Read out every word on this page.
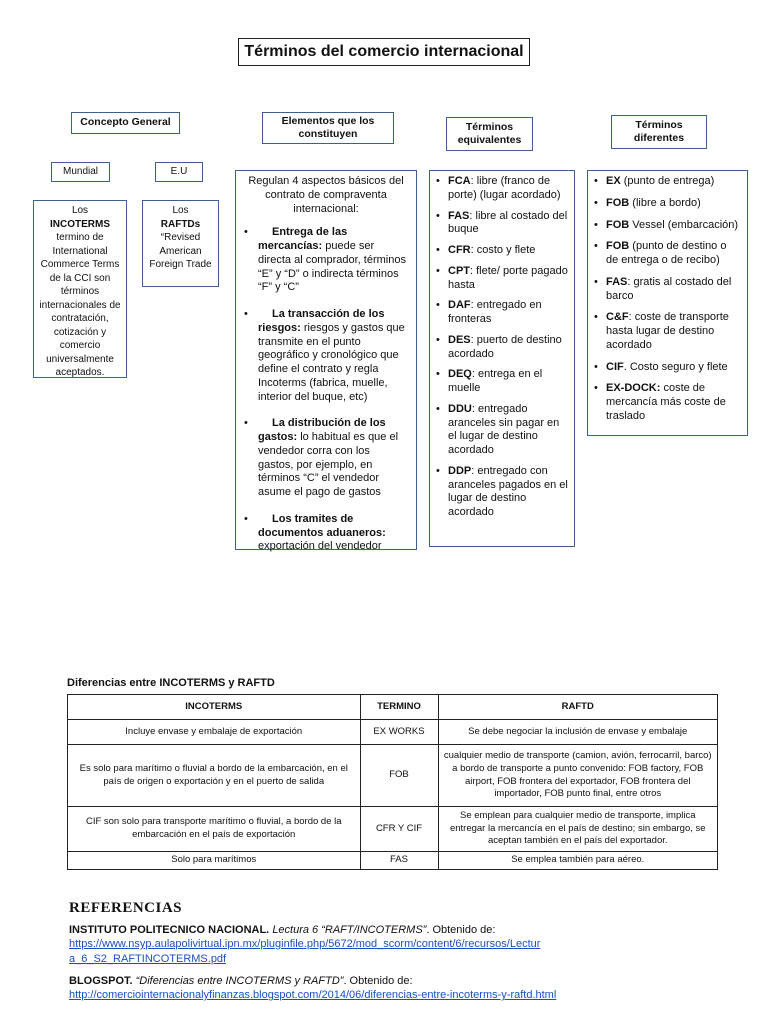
Términos del comercio internacional
Concepto General	Elementos que los constituyen
Términos equivalentes
Términos diferentes
Mundial	E.U
Los
INCOTERMS
termino de International Commerce Terms de la CCI son términos internacionales de contratación, cotización y comercio universalmente aceptados.
Los
RAFTDs
“Revised American Foreign Trade
Regulan 4 aspectos básicos del contrato de compraventa internacional:
• Entrega de las mercancías: puede ser directa al comprador, términos “E” y “D” o indirecta términos “F” y “C”
• La transacción de los riesgos: riesgos y gastos que transmite en el punto geográfico y cronológico que define el contrato y regla Incoterms (fabrica, muelle, interior del buque, etc)
• La distribución de los gastos: lo habitual es que el vendedor corra con los gastos, por ejemplo, en términos “C” el vendedor asume el pago de gastos
• Los tramites de documentos aduaneros: exportación del vendedor
• FCA: libre (franco de porte) (lugar acordado)
• FAS: libre al costado del buque
• CFR: costo y flete
• CPT: flete/ porte pagado hasta
• DAF: entregado en fronteras
• DES: puerto de destino acordado
• DEQ: entrega en el muelle
• DDU: entregado aranceles sin pagar en el lugar de destino acordado
• DDP: entregado con aranceles pagados en el lugar de destino acordado
• EX (punto de entrega)
• FOB (libre a bordo)
• FOB Vessel (embarcación)
• FOB (punto de destino o de entrega o de recibo)
• FAS: gratis al costado del barco
• C&F: coste de transporte hasta lugar de destino acordado
• CIF. Costo seguro y flete
• EX-DOCK: coste de mercancía más coste de traslado
Diferencias entre INCOTERMS y RAFTD
INCOTERMS	TERMINO	RAFTD
Incluye envase y embalaje de exportación	EX WORKS	Se debe negociar la inclusión de envase y embalaje
Es solo para marítimo o fluvial a bordo de la embarcación, en el país de origen o exportación y en el puerto de salida	FOB	cualquier medio de transporte (camion, avión, ferrocarril, barco) a bordo de transporte a punto convenido: FOB factory, FOB airport, FOB frontera del exportador, FOB frontera del importador, FOB punto final, entre otros
CIF son solo para transporte marítimo o fluvial, a bordo de la embarcación en el país de exportación	CFR Y CIF	Se emplean para cualquier medio de transporte, implica entregar la mercancía en el país de destino; sin embargo, se aceptan también en el país del exportador.
Solo para marítimos	FAS	Se emplea también para aéreo.
REFERENCIAS
INSTITUTO POLITECNICO NACIONAL. Lectura 6 “RAFT/INCOTERMS”. Obtenido de:
https://www.nsyp.aulapolivirtual.ipn.mx/pluginfile.php/5672/mod_scorm/content/6/recursos/Lectura_6_S2_RAFTINCOTERMS.pdf
BLOGSPOT. “Diferencias entre INCOTERMS y RAFTD”. Obtenido de:
http://comerciointernacionalyfinanzas.blogspot.com/2014/06/diferencias-entre-incoterms-y-raftd.html
